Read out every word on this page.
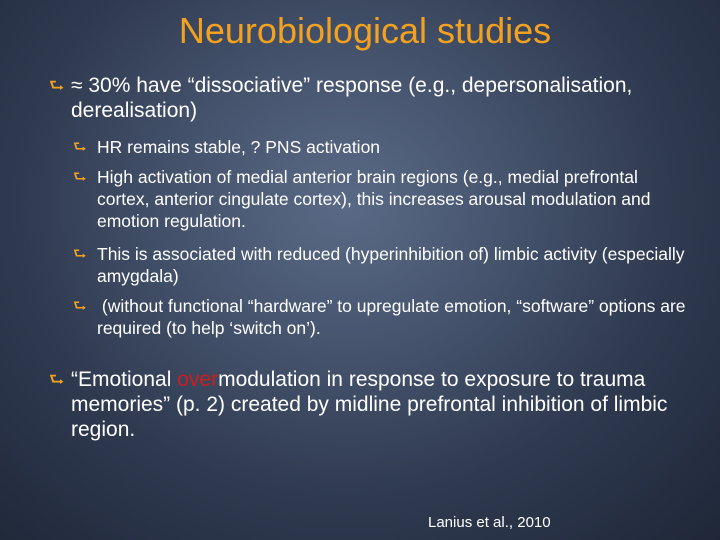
Neurobiological studies
⮑ ≈ 30% have “dissociative” response (e.g., depersonalisation, derealisation)
⮑ HR remains stable, ? PNS activation
⮑ High activation of medial anterior brain regions (e.g., medial prefrontal cortex, anterior cingulate cortex), this increases arousal modulation and emotion regulation.
⮑ This is associated with reduced (hyperinhibition of) limbic activity (especially amygdala)
⮑ (without functional “hardware” to upregulate emotion, “software” options are required (to help ‘switch on’).
⮑ “Emotional overmodulation in response to exposure to trauma memories” (p. 2) created by midline prefrontal inhibition of limbic region.

Lanius et al., 2010
